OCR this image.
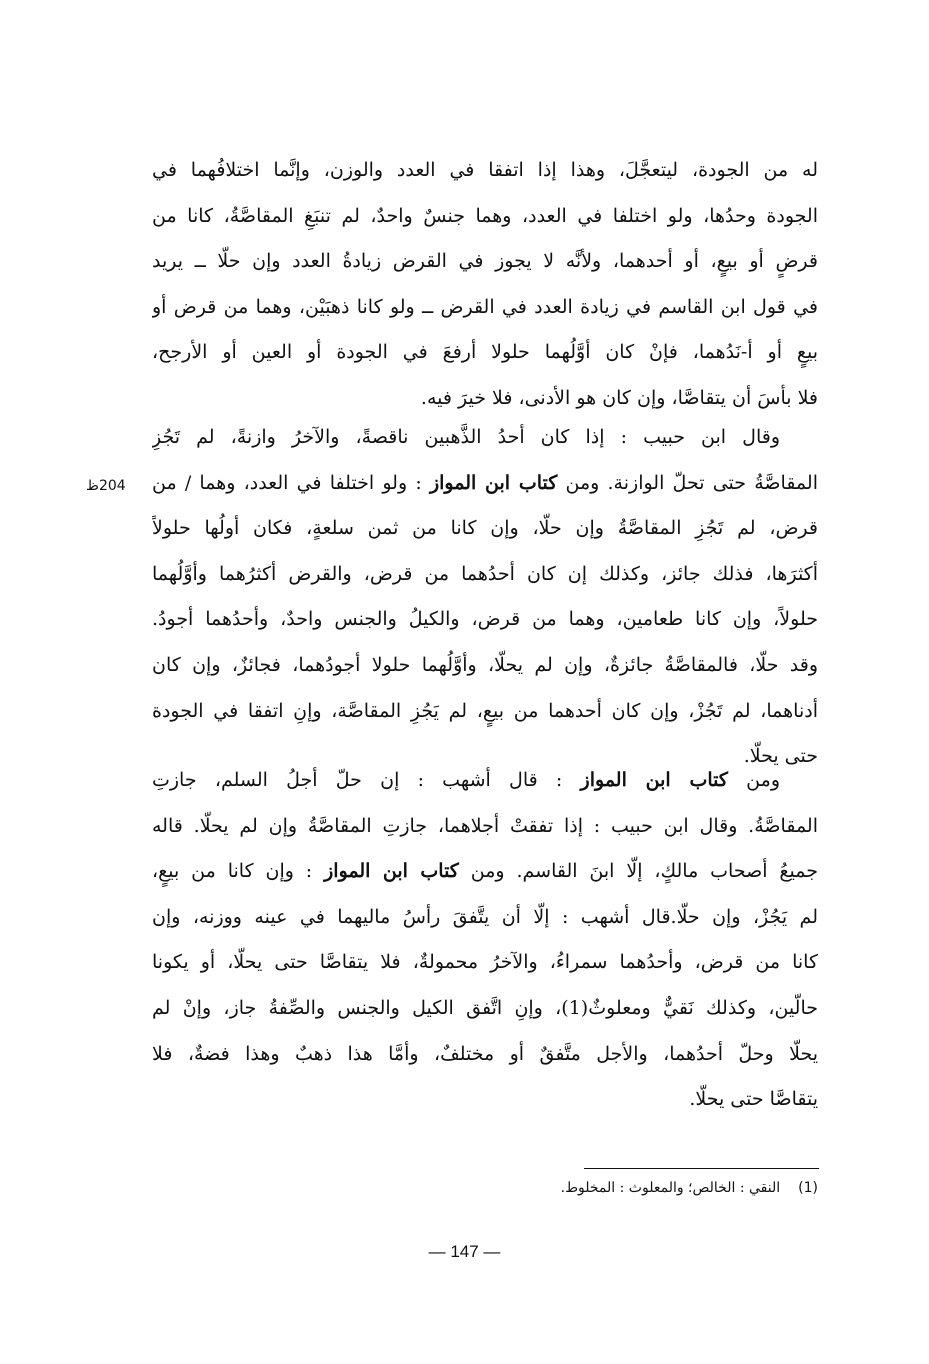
له من الجودة، ليتعجَّلَ، وهذا إذا اتفقا في العدد والوزن، وإنَّما اختلافُهما في
الجودة وحدُها، ولو اختلفا في العدد، وهما جنسٌ واحدٌ، لم تنبَغِ المقاصَّةُ، كانا من
قرضٍ أو بيعٍ، أو أحدهما، ولأنَّه لا يجوز في القرض زيادةُ العدد وإن حلّا ــ يريد
في قول ابن القاسم في زيادة العدد في القرض ــ ولو كانا ذهبَيْن، وهما من قرض أو
بيعٍ أو أ-نَدُهما، فإنْ كان أوَّلُهما حلولا أرفعَ في الجودة أو العين أو الأرجح،
فلا بأسَ أن يتقاصَّا، وإن كان هو الأدنى، فلا خيرَ فيه.
وقال ابن حبيب : إذا كان أحدُ الذَّهبين ناقصةً، والآخرُ وازنةً، لم تَجُزِ
المقاصَّةُ حتى تحلّ الوازنة. ومن كتاب ابن المواز : ولو اختلفا في العدد، وهما / من
قرض، لم تَجُزِ المقاصَّةُ وإن حلّا، وإن كانا من ثمن سلعةٍ، فكان أولُها حلولاً
أكثرَها، فذلك جائز، وكذلك إن كان أحدُهما من قرض، والقرض أكثرُهما وأوَّلُهما
حلولاً، وإن كانا طعامين، وهما من قرض، والكيلُ والجنس واحدٌ، وأحدُهما أجودُ.
وقد حلّا، فالمقاصَّةُ جائزةٌ، وإن لم يحلّا، وأوَّلُهما حلولا أجودُهما، فجائزٌ، وإن كان
أدناهما، لم تَجُزْ، وإن كان أحدهما من بيعٍ، لم يَجُزِ المقاصَّة، وإنِ اتفقا في الجودة
حتى يحلّا.
204ظ
ومن كتاب ابن المواز : قال أشهب : إن حلّ أجلُ السلم، جازتِ
المقاصَّةُ. وقال ابن حبيب : إذا تفقتْ أجلاهما، جازتِ المقاصَّةُ وإن لم يحلّا. قاله
جميعُ أصحاب مالكٍ، إلّا ابنَ القاسم. ومن كتاب ابن المواز : وإن كانا من بيعٍ،
لم يَجُزْ، وإن حلّا.قال أشهب : إلّا أن يتَّفقَ رأسُ ماليهما في عينه ووزنه، وإن
كانا من قرض، وأحدُهما سمراءُ، والآخرُ محمولةٌ، فلا يتقاصَّا حتى يحلّا، أو يكونا
حالّين، وكذلك نَقيٌّ ومعلوثٌ(1)، وإنِ اتَّفق الكيل والجنس والصِّفةُ جاز، وإنْ لم
يحلّا وحلّ أحدُهما، والأجل متَّفقٌ أو مختلفٌ، وأمَّا هذا ذهبٌ وهذا فضةٌ، فلا
يتقاصَّا حتى يحلّا.
(1)النقي : الخالص؛ والمعلوث : المخلوط.
— 147 —
